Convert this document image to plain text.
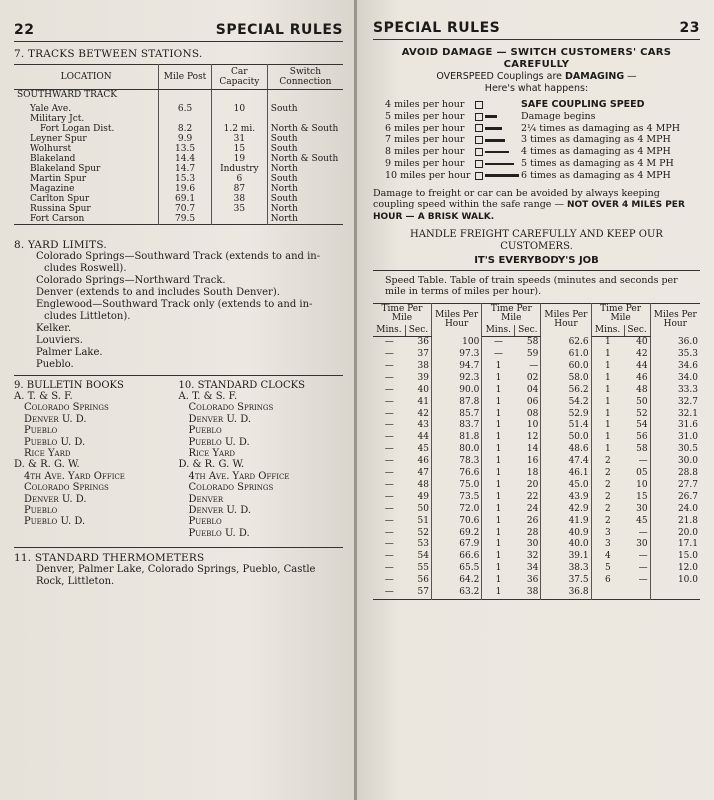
22	SPECIAL RULES
7. TRACKS BETWEEN STATIONS.
LOCATION	Mile Post	Car Capacity	Switch Connection
SOUTHWARD TRACK			
Yale Ave.	6.5	10	South
Military Jct.			
Fort Logan Dist.	8.2	1.2 mi.	North & South
Leyner Spur	9.9	31	South
Wolhurst	13.5	15	South
Blakeland	14.4	19	North & South
Blakeland Spur	14.7	Industry	North
Martin Spur	15.3	6	South
Magazine	19.6	87	North
Carlton Spur	69.1	38	South
Russina Spur	70.7	35	North
Fort Carson	79.5		North
8. YARD LIMITS.
Colorado Springs—Southward Track (extends to and in-
cludes Roswell).
Colorado Springs—Northward Track.
Denver (extends to and includes South Denver).
Englewood—Southward Track only (extends to and in-
cludes Littleton).
Kelker.
Louviers.
Palmer Lake.
Pueblo.
9. BULLETIN BOOKS
A. T. & S. F.
Colorado Springs
Denver U. D.
Pueblo
Pueblo U. D.
Rice Yard
D. & R. G. W.
4th Ave. Yard Office
Colorado Springs
Denver U. D.
Pueblo
Pueblo U. D.
10. STANDARD CLOCKS
A. T. & S. F.
Colorado Springs
Denver U. D.
Pueblo
Pueblo U. D.
Rice Yard
D. & R. G. W.
4th Ave. Yard Office
Colorado Springs
Denver
Denver U. D.
Pueblo
Pueblo U. D.
11. STANDARD THERMOMETERS
Denver, Palmer Lake, Colorado Springs, Pueblo, Castle
Rock, Littleton.
SPECIAL RULES	23
AVOID DAMAGE — SWITCH CUSTOMERS' CARS
CAREFULLY
OVERSPEED Couplings are DAMAGING —
Here's what happens:
4 miles per hour	SAFE COUPLING SPEED
5 miles per hour	Damage begins
6 miles per hour	2¼ times as damaging as 4 MPH
7 miles per hour	3 times as damaging as 4 MPH
8 miles per hour	4 times as damaging as 4 MPH
9 miles per hour	5 times as damaging as 4 M PH
10 miles per hour	6 times as damaging as 4 MPH
Damage to freight or car can be avoided by always keeping coupling speed within the safe range — NOT OVER 4 MILES PER HOUR — A BRISK WALK.
HANDLE FREIGHT CAREFULLY AND KEEP OUR
CUSTOMERS.
IT'S EVERYBODY'S JOB
Speed Table. Table of train speeds (minutes and seconds per mile in terms of miles per hour).
Time Per Mile		Miles Per Hour	Time Per Mile		Miles Per Hour	Time Per Mile		Miles Per Hour
Mins.	Sec.		Mins.	Sec.		Mins.	Sec.	
—	36	100	—	58	62.6	1	40	36.0
—	37	97.3	—	59	61.0	1	42	35.3
—	38	94.7	1	—	60.0	1	44	34.6
—	39	92.3	1	02	58.0	1	46	34.0
—	40	90.0	1	04	56.2	1	48	33.3
—	41	87.8	1	06	54.2	1	50	32.7
—	42	85.7	1	08	52.9	1	52	32.1
—	43	83.7	1	10	51.4	1	54	31.6
—	44	81.8	1	12	50.0	1	56	31.0
—	45	80.0	1	14	48.6	1	58	30.5
—	46	78.3	1	16	47.4	2	—	30.0
—	47	76.6	1	18	46.1	2	05	28.8
—	48	75.0	1	20	45.0	2	10	27.7
—	49	73.5	1	22	43.9	2	15	26.7
—	50	72.0	1	24	42.9	2	30	24.0
—	51	70.6	1	26	41.9	2	45	21.8
—	52	69.2	1	28	40.9	3	—	20.0
—	53	67.9	1	30	40.0	3	30	17.1
—	54	66.6	1	32	39.1	4	—	15.0
—	55	65.5	1	34	38.3	5	—	12.0
—	56	64.2	1	36	37.5	6	—	10.0
—	57	63.2	1	38	36.8			
